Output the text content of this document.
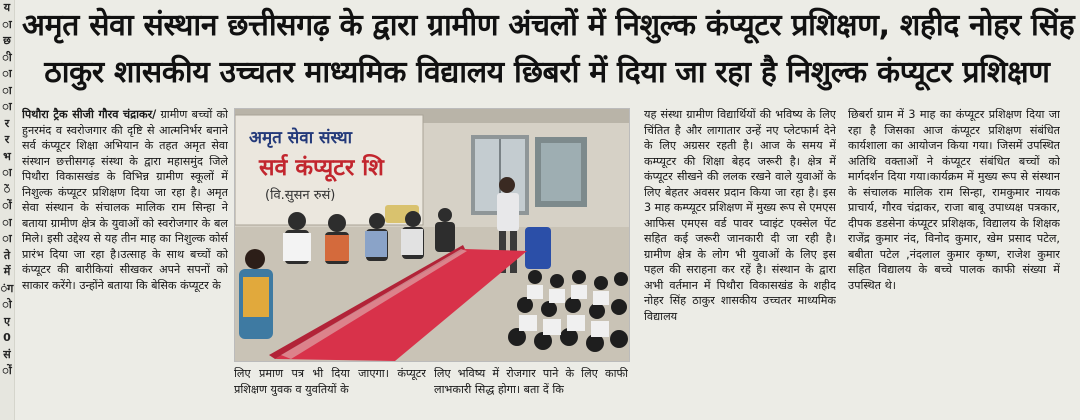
य
ा
छ
ी
ा
ा
ा
र
र
भ
ा
ें
ों
ा
ा
ते
र्मे
ंग
ो
ए
0
सं
ों
अमृत सेवा संस्थान छत्तीसगढ़ के द्वारा ग्रामीण अंचलों में निशुल्क कंप्यूटर प्रशिक्षण, शहीद नोहर सिंह
ठाकुर शासकीय उच्चतर माध्यमिक विद्यालय छिबर्रा में दिया जा रहा है निशुल्क कंप्यूटर प्रशिक्षण
पिथौरा ट्रैक सीजी गौरव चंद्राकर/ ग्रामीण बच्चों को हुनरमंद व स्वरोजगार की दृष्टि से आत्मनिर्भर बनाने सर्व कंप्यूटर शिक्षा अभियान के तहत अमृत सेवा संस्थान छत्तीसगढ़ संस्था के द्वारा महासमुंद जिले पिथौरा विकासखंड के विभिन्न ग्रामीण स्कूलों में निशुल्क कंप्यूटर प्रशिक्षण दिया जा रहा है। अमृत सेवा संस्थान के संचालक मालिक राम सिन्हा ने बताया ग्रामीण क्षेत्र के युवाओं को स्वरोजगार के बल मिले। इसी उद्देश्य से यह तीन माह का निशुल्क कोर्स प्रारंभ दिया जा रहा है।उत्साह के साथ बच्चों को कंप्यूटर की बारीकियां सीखकर अपने सपनों को साकार करेंगे। उन्होंने बताया कि बेसिक कंप्यूटर के
अमृत सेवा संस्था
सर्व कंप्यूटर शि
(वि.सुसन रुसं)
लिए प्रमाण पत्र भी दिया जाएगा। कंप्यूटर प्रशिक्षण युवक व युवतियों के
लिए भविष्य में रोजगार पाने के लिए काफी लाभकारी सिद्ध होगा। बता दें कि
यह संस्था ग्रामीण विद्यार्थियों की भविष्य के लिए चिंतित है और लागातार उन्हें नए प्लेटफार्म देने के लिए अग्रसर रहती है। आज के समय में कम्प्यूटर की शिक्षा बेहद जरूरी है। क्षेत्र में कंप्यूटर सीखने की ललक रखने वाले युवाओं के लिए बेहतर अवसर प्रदान किया जा रहा है। इस 3 माह कम्प्यूटर प्रशिक्षण में मुख्य रूप से एमएस आफिस एमएस वर्ड पावर प्वाइंट एक्सेल पेंट सहित कई जरूरी जानकारी दी जा रही है। ग्रामीण क्षेत्र के लोग भी युवाओं के लिए इस पहल की सराहना कर रहें है। संस्थान के द्वारा अभी वर्तमान में पिथौरा विकासखंड के शहीद नोहर सिंह ठाकुर शासकीय उच्चतर माध्यमिक विद्यालय
छिबर्रा ग्राम में 3 माह का कंप्यूटर प्रशिक्षण दिया जा रहा है जिसका आज कंप्यूटर प्रशिक्षण संबंधित कार्यशाला का आयोजन किया गया। जिसमें उपस्थित अतिथि वक्ताओं ने कंप्यूटर संबंधित बच्चों को मार्गदर्शन दिया गया।कार्यक्रम में मुख्य रूप से संस्थान के संचालक मालिक राम सिन्हा, रामकुमार नायक प्राचार्य, गौरव चंद्राकर, राजा बाबू उपाध्यक्ष पत्रकार, दीपक डडसेना कंप्यूटर प्रशिक्षक, विद्यालय के शिक्षक राजेंद्र कुमार नंद, विनोद कुमार, खेम प्रसाद पटेल, बबीता पटेल ,नंदलाल कुमार कृष्ण, राजेश कुमार सहित विद्यालय के बच्चे पालक काफी संख्या में उपस्थित थे।
